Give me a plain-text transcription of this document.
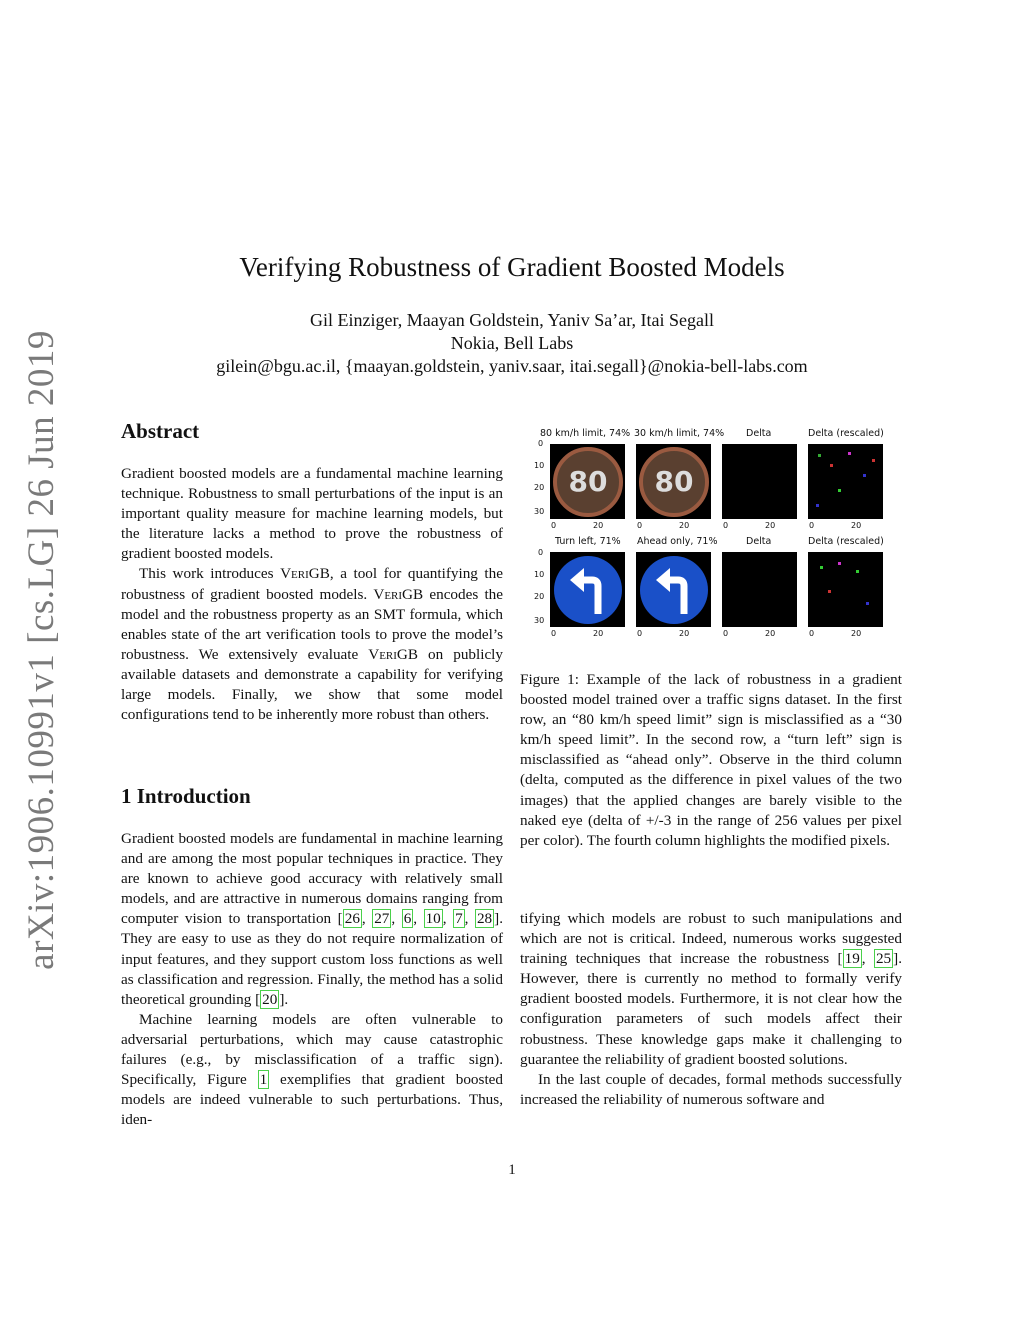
arXiv:1906.10991v1 [cs.LG] 26 Jun 2019
Verifying Robustness of Gradient Boosted Models
Gil Einziger, Maayan Goldstein, Yaniv Sa’ar, Itai Segall
Nokia, Bell Labs
gilein@bgu.ac.il, {maayan.goldstein, yaniv.saar, itai.segall}@nokia-bell-labs.com
Abstract

Gradient boosted models are a fundamental machine learning technique. Robustness to small perturbations of the input is an important quality measure for machine learning models, but the literature lacks a method to prove the robustness of gradient boosted models.

This work introduces VeriGB, a tool for quantifying the robustness of gradient boosted models. VeriGB encodes the model and the robustness property as an SMT formula, which enables state of the art verification tools to prove the model’s robustness. We extensively evaluate VeriGB on publicly available datasets and demonstrate a capability for verifying large models. Finally, we show that some model configurations tend to be inherently more robust than others.

1 Introduction

Gradient boosted models are fundamental in machine learning and are among the most popular techniques in practice. They are known to achieve good accuracy with relatively small models, and are attractive in numerous domains ranging from computer vision to transportation [ 26 , 27 , 6 , 10 , 7 , 28 ]. They are easy to use as they do not require normalization of input features, and they support custom loss functions as well as classification and regression. Finally, the method has a solid theoretical grounding [ 20 ].

Machine learning models are often vulnerable to adversarial perturbations, which may cause catastrophic failures (e.g., by misclassification of a traffic sign). Specifically, Figure 1 exemplifies that gradient boosted models are indeed vulnerable to such perturbations. Thus, iden-

tifying which models are robust to such manipulations and which are not is critical. Indeed, numerous works suggested training techniques that increase the robustness [ 19 , 25 ]. However, there is currently no method to formally verify gradient boosted models. Furthermore, it is not clear how the configuration parameters of such models affect their robustness. These knowledge gaps make it challenging to guarantee the reliability of gradient boosted solutions.

In the last couple of decades, formal methods successfully increased the reliability of numerous software and

80 km/h limit, 74% 30 km/h limit, 74% Delta	Delta (rescaled)
80	80
0
10
20
30
0	20	0	20	0	20	0	20
Turn left, 71% Ahead only, 71%	Delta	Delta (rescaled)
0
10
20
30
0	20	0	20	0	20	0	20

Figure 1: Example of the lack of robustness in a gradient boosted model trained over a traffic signs dataset. In the first row, an “80 km/h speed limit” sign is misclassified as a “30 km/h speed limit”. In the second row, a “turn left” sign is misclassified as “ahead only”. Observe in the third column (delta, computed as the difference in pixel values of the two images) that the applied changes are barely visible to the naked eye (delta of +/-3 in the range of 256 values per pixel per color). The fourth column highlights the modified pixels.

1
